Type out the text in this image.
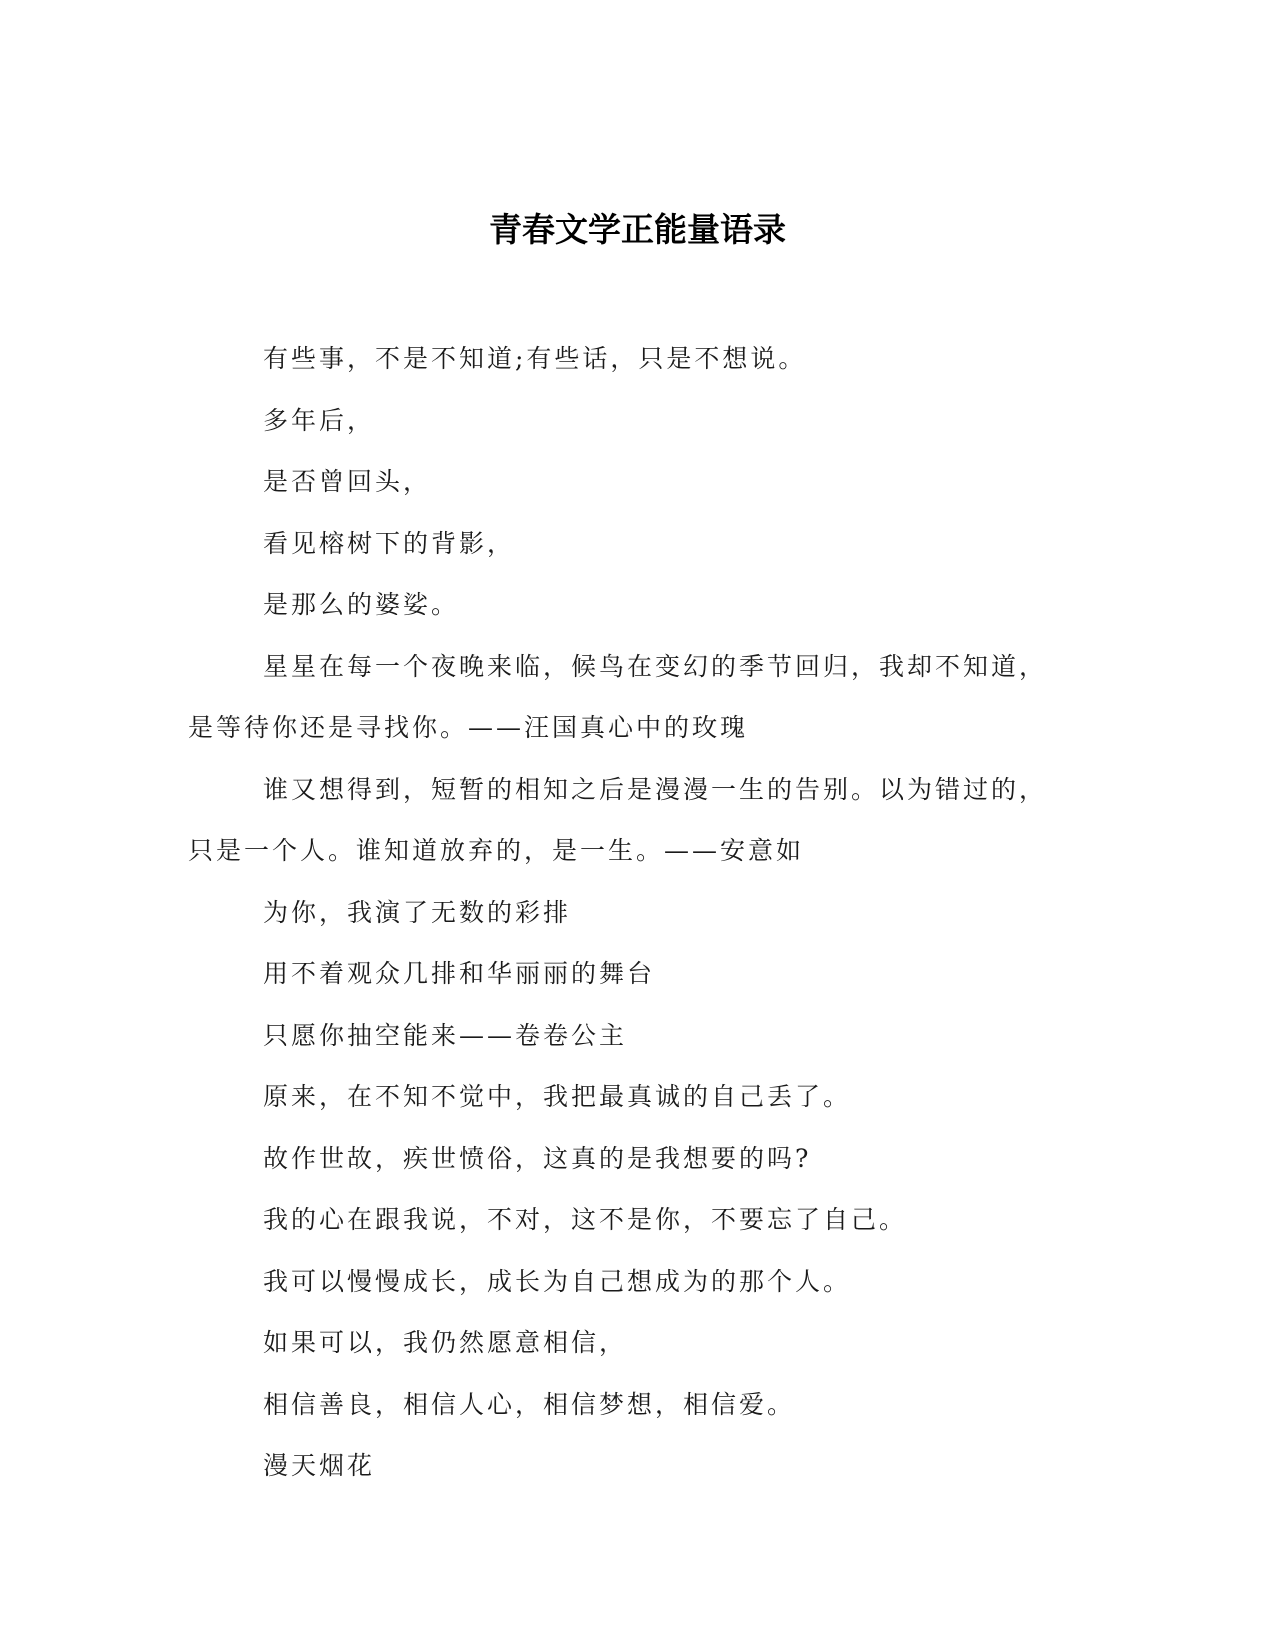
青春文学正能量语录

有些事，不是不知道;有些话，只是不想说。

多年后，

是否曾回头，

看见榕树下的背影，

是那么的婆娑。

星星在每一个夜晚来临，候鸟在变幻的季节回归，我却不知道，是等待你还是寻找你。——汪国真心中的玫瑰

谁又想得到，短暂的相知之后是漫漫一生的告别。以为错过的，只是一个人。谁知道放弃的，是一生。——安意如

为你，我演了无数的彩排

用不着观众几排和华丽丽的舞台

只愿你抽空能来——卷卷公主

原来，在不知不觉中，我把最真诚的自己丢了。

故作世故，疾世愤俗，这真的是我想要的吗?

我的心在跟我说，不对，这不是你，不要忘了自己。

我可以慢慢成长，成长为自己想成为的那个人。

如果可以，我仍然愿意相信，

相信善良，相信人心，相信梦想，相信爱。

漫天烟花
